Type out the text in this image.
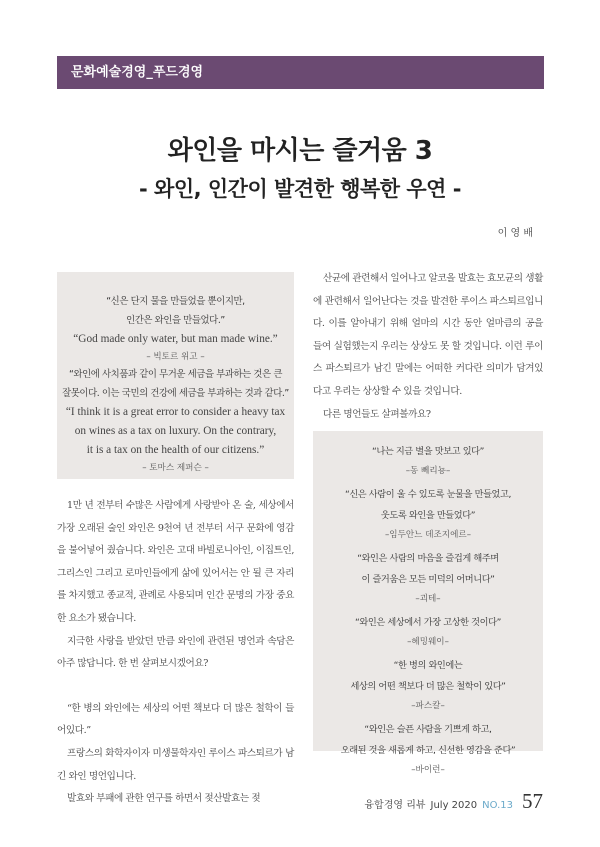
문화예술경영_푸드경영
와인을 마시는 즐거움 3
- 와인, 인간이 발견한 행복한 우연 -
이 영 배
“신은 단지 물을 만들었을 뿐이지만,
인간은 와인을 만들었다.”
“God made only water, but man made wine.”
– 빅토르 위고 –
“와인에 사치품과 같이 무거운 세금을 부과하는 것은 큰
잘못이다. 이는 국민의 건강에 세금을 부과하는 것과 같다.”
“I think it is a great error to consider a heavy tax
on wines as a tax on luxury. On the contrary,
it is a tax on the health of our citizens.”
– 토마스 제퍼슨 –

1만 년 전부터 수많은 사람에게 사랑받아 온 술, 세상에서 가장 오래된 술인 와인은 9천여 년 전부터 서구 문화에 영감을 불어넣어 줬습니다. 와인은 고대 바빌로니아인, 이집트인, 그리스인 그리고 로마인들에게 삶에 있어서는 안 될 큰 자리를 차지했고 종교적, 관례로 사용되며 인간 문명의 가장 중요한 요소가 됐습니다.

지극한 사랑을 받았던 만큼 와인에 관련된 명언과 속담은 아주 많답니다. 한 번 살펴보시겠어요?

“한 병의 와인에는 세상의 어떤 책보다 더 많은 철학이 들어있다.”

프랑스의 화학자이자 미생물학자인 루이스 파스퇴르가 남긴 와인 명언입니다.

발효와 부패에 관한 연구를 하면서 젖산발효는 젖

산균에 관련해서 일어나고 알코올 발효는 효모균의 생활에 관련해서 일어난다는 것을 발견한 루이스 파스퇴르입니다. 이를 알아내기 위해 얼마의 시간 동안 얼마큼의 공을 들여 실험했는지 우리는 상상도 못 할 것입니다. 이런 루이스 파스퇴르가 남긴 말에는 어떠한 커다란 의미가 담겨있다고 우리는 상상할 수 있을 것입니다.

다른 명언들도 살펴볼까요?

“나는 지금 별을 맛보고 있다”
–동 뻬리뇽–
“신은 사람이 울 수 있도록 눈물을 만들었고,
웃도록 와인을 만들었다”
–임두안느 데조지에르–
“와인은 사람의 마음을 즐겁게 해주며
이 즐거움은 모든 미덕의 어머니다”
–괴테–
“와인은 세상에서 가장 고상한 것이다”
–헤밍웨이–
“한 병의 와인에는
세상의 어떤 책보다 더 많은 철학이 있다”
–파스칼–
“와인은 슬픈 사람을 기쁘게 하고,
오래된 것을 새롭게 하고, 신선한 영감을 준다”
–바이런–
융합경영 리뷰 July 2020 NO.13 57
